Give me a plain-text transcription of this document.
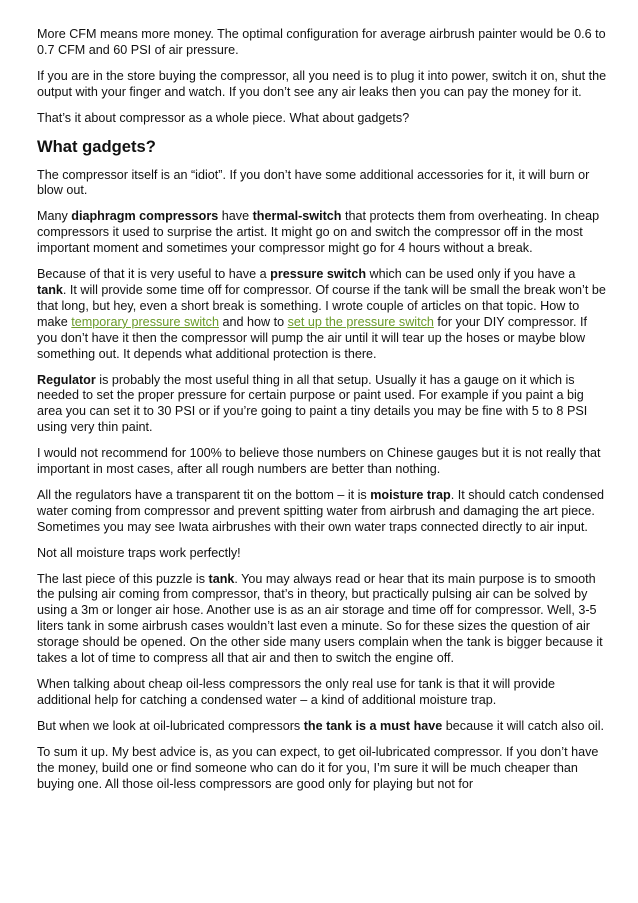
More CFM means more money. The optimal configuration for average airbrush painter would be 0.6 to 0.7 CFM and 60 PSI of air pressure.

If you are in the store buying the compressor, all you need is to plug it into power, switch it on, shut the output with your finger and watch. If you don’t see any air leaks then you can pay the money for it.

That’s it about compressor as a whole piece. What about gadgets?

What gadgets?

The compressor itself is an “idiot”. If you don’t have some additional accessories for it, it will burn or blow out.

Many diaphragm compressors have thermal-switch that protects them from overheating. In cheap compressors it used to surprise the artist. It might go on and switch the compressor off in the most important moment and sometimes your compressor might go for 4 hours without a break.

Because of that it is very useful to have a pressure switch which can be used only if you have a tank. It will provide some time off for compressor. Of course if the tank will be small the break won’t be that long, but hey, even a short break is something. I wrote couple of articles on that topic. How to make temporary pressure switch and how to set up the pressure switch for your DIY compressor. If you don’t have it then the compressor will pump the air until it will tear up the hoses or maybe blow something out. It depends what additional protection is there.

Regulator is probably the most useful thing in all that setup. Usually it has a gauge on it which is needed to set the proper pressure for certain purpose or paint used. For example if you paint a big area you can set it to 30 PSI or if you’re going to paint a tiny details you may be fine with 5 to 8 PSI using very thin paint.

I would not recommend for 100% to believe those numbers on Chinese gauges but it is not really that important in most cases, after all rough numbers are better than nothing.

All the regulators have a transparent tit on the bottom – it is moisture trap. It should catch condensed water coming from compressor and prevent spitting water from airbrush and damaging the art piece. Sometimes you may see Iwata airbrushes with their own water traps connected directly to air input.

Not all moisture traps work perfectly!

The last piece of this puzzle is tank. You may always read or hear that its main purpose is to smooth the pulsing air coming from compressor, that’s in theory, but practically pulsing air can be solved by using a 3m or longer air hose. Another use is as an air storage and time off for compressor. Well, 3-5 liters tank in some airbrush cases wouldn’t last even a minute. So for these sizes the question of air storage should be opened. On the other side many users complain when the tank is bigger because it takes a lot of time to compress all that air and then to switch the engine off.

When talking about cheap oil-less compressors the only real use for tank is that it will provide additional help for catching a condensed water – a kind of additional moisture trap.

But when we look at oil-lubricated compressors the tank is a must have because it will catch also oil.

To sum it up. My best advice is, as you can expect, to get oil-lubricated compressor. If you don’t have the money, build one or find someone who can do it for you, I’m sure it will be much cheaper than buying one. All those oil-less compressors are good only for playing but not for
